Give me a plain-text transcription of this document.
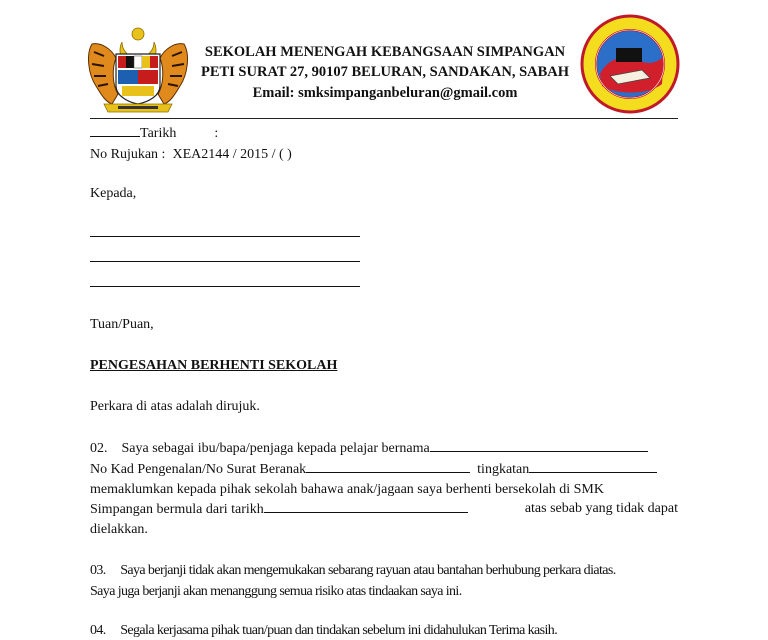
SEKOLAH MENENGAH KEBANGSAAN SIMPANGAN
PETI SURAT 27, 90107 BELURAN, SANDAKAN, SABAH
Email: smksimpanganbeluran@gmail.com
Tarikh	:
No Rujukan : XEA2144 / 2015 / ( )
Kepada,
Tuan/Puan,
PENGESAHAN BERHENTI SEKOLAH
Perkara di atas adalah dirujuk.
02. Saya sebagai ibu/bapa/penjaga kepada pelajar bernama
No Kad Pengenalan/No Surat Beranak	tingkatan
memaklumkan kepada pihak sekolah bahawa anak/jagaan saya berhenti bersekolah di SMK
Simpangan bermula dari tarikh	atas sebab yang tidak dapat
dielakkan.
03. Saya berjanji tidak akan mengemukakan sebarang rayuan atau bantahan berhubung perkara diatas.
Saya juga berjanji akan menanggung semua risiko atas tindaakan saya ini.
04. Segala kerjasama pihak tuan/puan dan tindakan sebelum ini didahulukan Terima kasih.
